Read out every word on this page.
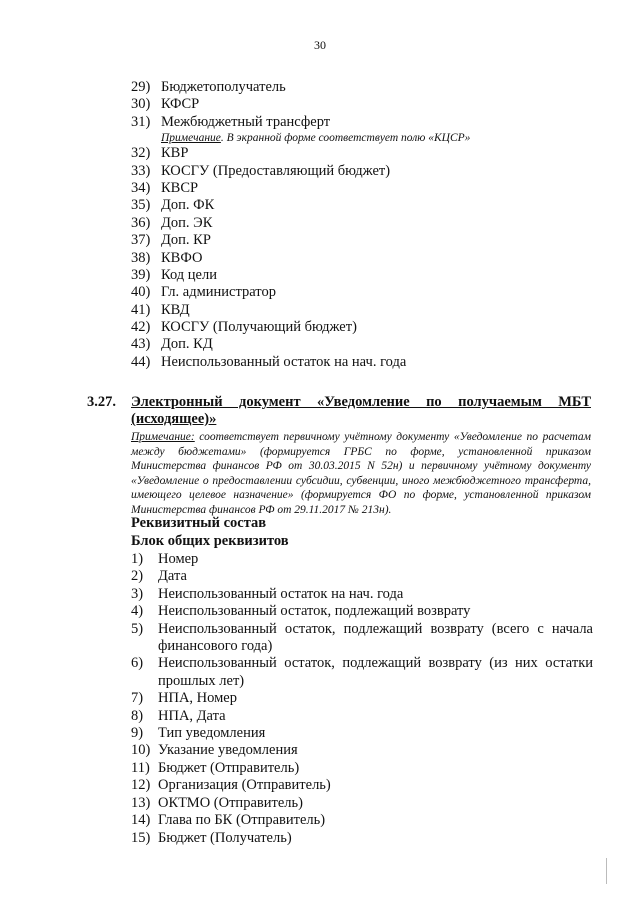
30
29) Бюджетополучатель
30) КФСР
31) Межбюджетный трансферт
Примечание. В экранной форме соответствует полю «КЦСР»
32) КВР
33) КОСГУ (Предоставляющий бюджет)
34) КВСР
35) Доп. ФК
36) Доп. ЭК
37) Доп. КР
38) КВФО
39) Код цели
40) Гл. администратор
41) КВД
42) КОСГУ (Получающий бюджет)
43) Доп. КД
44) Неиспользованный остаток на нач. года
3.27. Электронный документ «Уведомление по получаемым МБТ (исходящее)»
Примечание: соответствует первичному учётному документу «Уведомление по расчетам между бюджетами» (формируется ГРБС по форме, установленной приказом Министерства финансов РФ от 30.03.2015 N 52н) и первичному учётному документу «Уведомление о предоставлении субсидии, субвенции, иного межбюджетного трансферта, имеющего целевое назначение» (формируется ФО по форме, установленной приказом Министерства финансов РФ от 29.11.2017 № 213н).
Реквизитный состав
Блок общих реквизитов
1)	Номер
2)	Дата
3)	Неиспользованный остаток на нач. года
4)	Неиспользованный остаток, подлежащий возврату
5)	Неиспользованный остаток, подлежащий возврату (всего с начала финансового года)
6)	Неиспользованный остаток, подлежащий возврату (из них остатки прошлых лет)
7)	НПА, Номер
8)	НПА, Дата
9)	Тип уведомления
10) Указание уведомления
11) Бюджет (Отправитель)
12) Организация (Отправитель)
13) ОКТМО (Отправитель)
14) Глава по БК (Отправитель)
15) Бюджет (Получатель)
